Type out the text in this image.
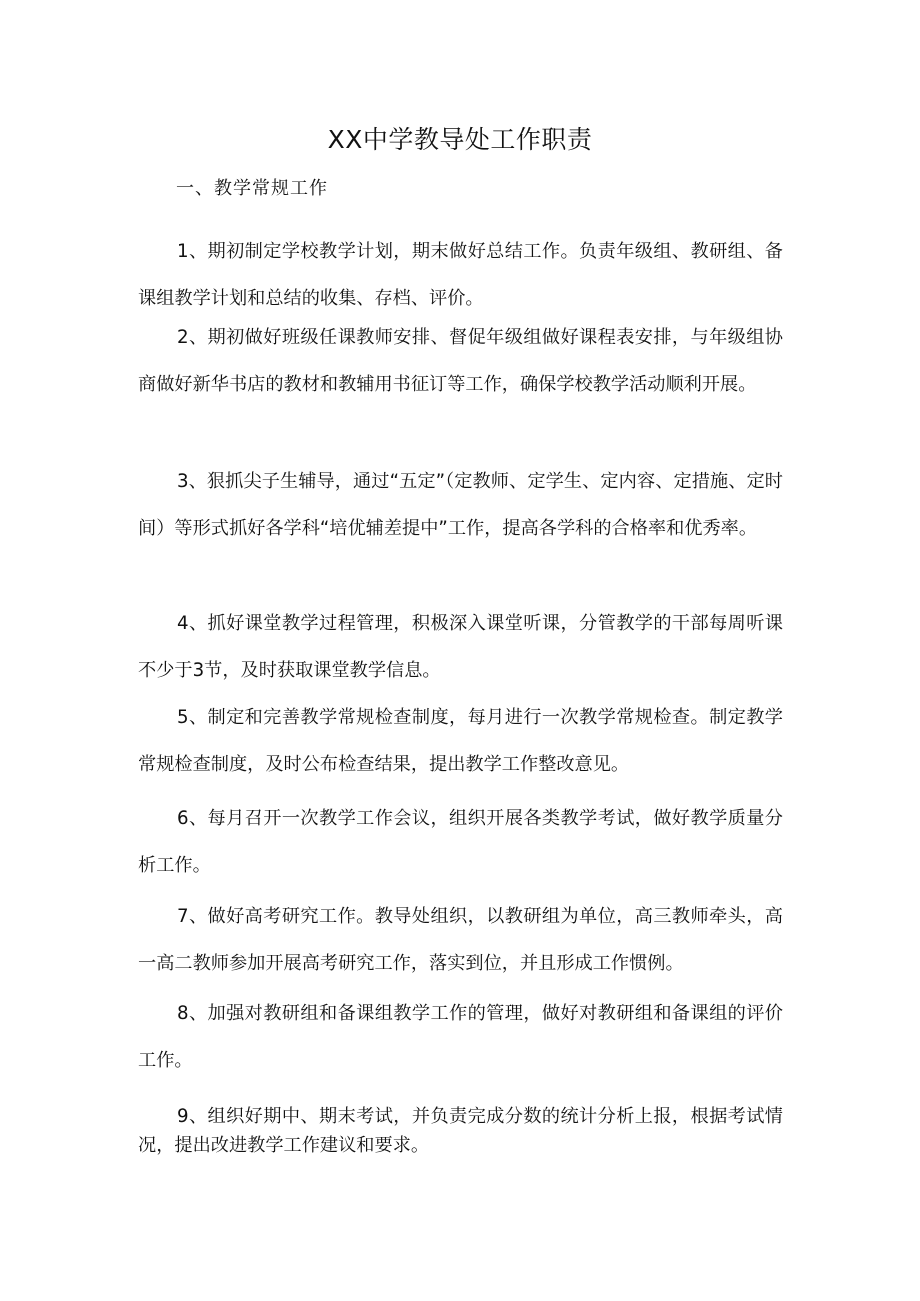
XX中学教导处工作职责
一、教学常规工作

1、期初制定学校教学计划，期末做好总结工作。负责年级组、教研组、备课组教学计划和总结的收集、存档、评价。

2、期初做好班级任课教师安排、督促年级组做好课程表安排，与年级组协商做好新华书店的教材和教辅用书征订等工作，确保学校教学活动顺利开展。

3、狠抓尖子生辅导，通过“五定”（定教师、定学生、定内容、定措施、定时间）等形式抓好各学科“培优辅差提中”工作，提高各学科的合格率和优秀率。

4、抓好课堂教学过程管理，积极深入课堂听课，分管教学的干部每周听课不少于3节，及时获取课堂教学信息。

5、制定和完善教学常规检查制度，每月进行一次教学常规检查。制定教学常规检查制度，及时公布检查结果，提出教学工作整改意见。

6、每月召开一次教学工作会议，组织开展各类教学考试，做好教学质量分析工作。

7、做好高考研究工作。教导处组织，以教研组为单位，高三教师牵头，高一高二教师参加开展高考研究工作，落实到位，并且形成工作惯例。

8、加强对教研组和备课组教学工作的管理，做好对教研组和备课组的评价工作。

9、组织好期中、期末考试，并负责完成分数的统计分析上报，根据考试情况，提出改进教学工作建议和要求。
